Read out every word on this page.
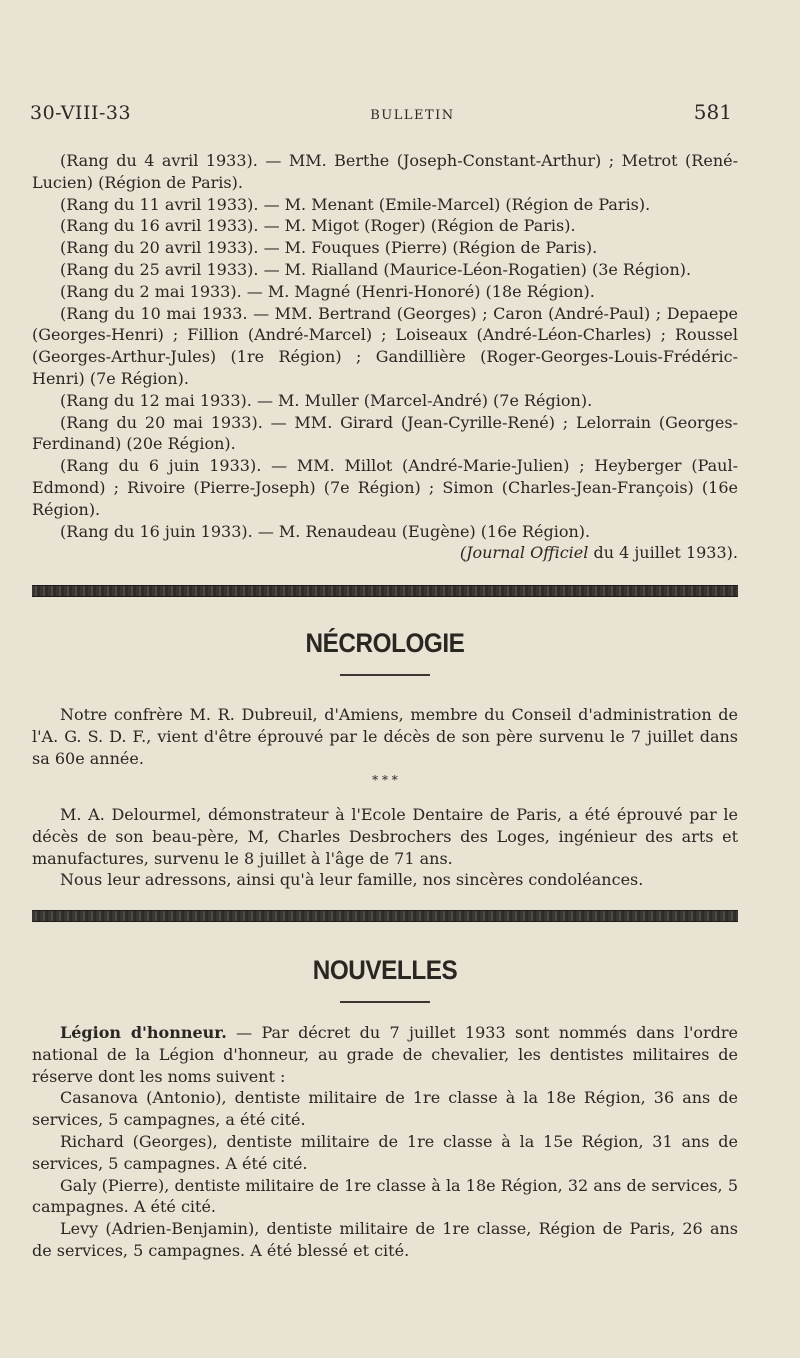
30-VIII-33	BULLETIN	581

(Rang du 4 avril 1933). — MM. Berthe (Joseph-Constant-Arthur) ; Metrot (René-Lucien) (Région de Paris).

(Rang du 11 avril 1933). — M. Menant (Emile-Marcel) (Région de Paris).

(Rang du 16 avril 1933). — M. Migot (Roger) (Région de Paris).

(Rang du 20 avril 1933). — M. Fouques (Pierre) (Région de Paris).

(Rang du 25 avril 1933). — M. Rialland (Maurice-Léon-Rogatien) (3e Région).

(Rang du 2 mai 1933). — M. Magné (Henri-Honoré) (18e Région).

(Rang du 10 mai 1933. — MM. Bertrand (Georges) ; Caron (André-Paul) ; Depaepe (Georges-Henri) ; Fillion (André-Marcel) ; Loiseaux (André-Léon-Charles) ; Roussel (Georges-Arthur-Jules) (1re Région) ; Gandillière (Roger-Georges-Louis-Frédéric-Henri) (7e Région).

(Rang du 12 mai 1933). — M. Muller (Marcel-André) (7e Région).

(Rang du 20 mai 1933). — MM. Girard (Jean-Cyrille-René) ; Lelorrain (Georges-Ferdinand) (20e Région).

(Rang du 6 juin 1933). — MM. Millot (André-Marie-Julien) ; Heyberger (Paul-Edmond) ; Rivoire (Pierre-Joseph) (7e Région) ; Simon (Charles-Jean-François) (16e Région).

(Rang du 16 juin 1933). — M. Renaudeau (Eugène) (16e Région).

(Journal Officiel du 4 juillet 1933).

NÉCROLOGIE

Notre confrère M. R. Dubreuil, d'Amiens, membre du Conseil d'administration de l'A. G. S. D. F., vient d'être éprouvé par le décès de son père survenu le 7 juillet dans sa 60e année.

* * *

M. A. Delourmel, démonstrateur à l'Ecole Dentaire de Paris, a été éprouvé par le décès de son beau-père, M, Charles Desbrochers des Loges, ingénieur des arts et manufactures, survenu le 8 juillet à l'âge de 71 ans.

Nous leur adressons, ainsi qu'à leur famille, nos sincères condoléances.

NOUVELLES

Légion d'honneur. — Par décret du 7 juillet 1933 sont nommés dans l'ordre national de la Légion d'honneur, au grade de chevalier, les dentistes militaires de réserve dont les noms suivent :

Casanova (Antonio), dentiste militaire de 1re classe à la 18e Région, 36 ans de services, 5 campagnes, a été cité.

Richard (Georges), dentiste militaire de 1re classe à la 15e Région, 31 ans de services, 5 campagnes. A été cité.

Galy (Pierre), dentiste militaire de 1re classe à la 18e Région, 32 ans de services, 5 campagnes. A été cité.

Levy (Adrien-Benjamin), dentiste militaire de 1re classe, Région de Paris, 26 ans de services, 5 campagnes. A été blessé et cité.
